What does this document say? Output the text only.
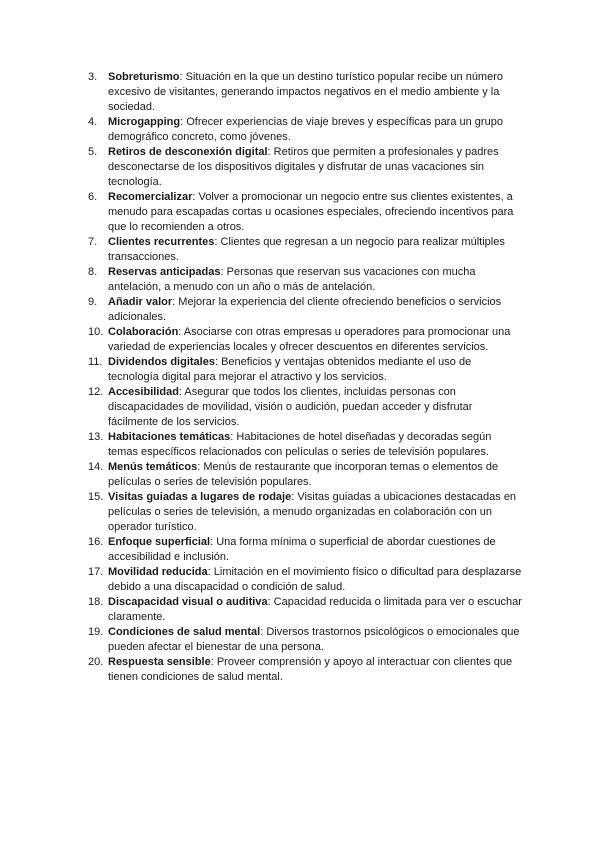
3. Sobreturismo: Situación en la que un destino turístico popular recibe un número excesivo de visitantes, generando impactos negativos en el medio ambiente y la sociedad.
4. Microgapping: Ofrecer experiencias de viaje breves y específicas para un grupo demográfico concreto, como jóvenes.
5. Retiros de desconexión digital: Retiros que permiten a profesionales y padres desconectarse de los dispositivos digitales y disfrutar de unas vacaciones sin tecnología.
6. Recomercializar: Volver a promocionar un negocio entre sus clientes existentes, a menudo para escapadas cortas u ocasiones especiales, ofreciendo incentivos para que lo recomienden a otros.
7. Clientes recurrentes: Clientes que regresan a un negocio para realizar múltiples transacciones.
8. Reservas anticipadas: Personas que reservan sus vacaciones con mucha antelación, a menudo con un año o más de antelación.
9. Añadir valor: Mejorar la experiencia del cliente ofreciendo beneficios o servicios adicionales.
10. Colaboración: Asociarse con otras empresas u operadores para promocionar una variedad de experiencias locales y ofrecer descuentos en diferentes servicios.
11. Dividendos digitales: Beneficios y ventajas obtenidos mediante el uso de tecnología digital para mejorar el atractivo y los servicios.
12. Accesibilidad: Asegurar que todos los clientes, incluidas personas con discapacidades de movilidad, visión o audición, puedan acceder y disfrutar fácilmente de los servicios.
13. Habitaciones temáticas: Habitaciones de hotel diseñadas y decoradas según temas específicos relacionados con películas o series de televisión populares.
14. Menús temáticos: Menús de restaurante que incorporan temas o elementos de películas o series de televisión populares.
15. Visitas guiadas a lugares de rodaje: Visitas guiadas a ubicaciones destacadas en películas o series de televisión, a menudo organizadas en colaboración con un operador turístico.
16. Enfoque superficial: Una forma mínima o superficial de abordar cuestiones de accesibilidad e inclusión.
17. Movilidad reducida: Limitación en el movimiento físico o dificultad para desplazarse debido a una discapacidad o condición de salud.
18. Discapacidad visual o auditiva: Capacidad reducida o limitada para ver o escuchar claramente.
19. Condiciones de salud mental: Diversos trastornos psicológicos o emocionales que pueden afectar el bienestar de una persona.
20. Respuesta sensible: Proveer comprensión y apoyo al interactuar con clientes que tienen condiciones de salud mental.
